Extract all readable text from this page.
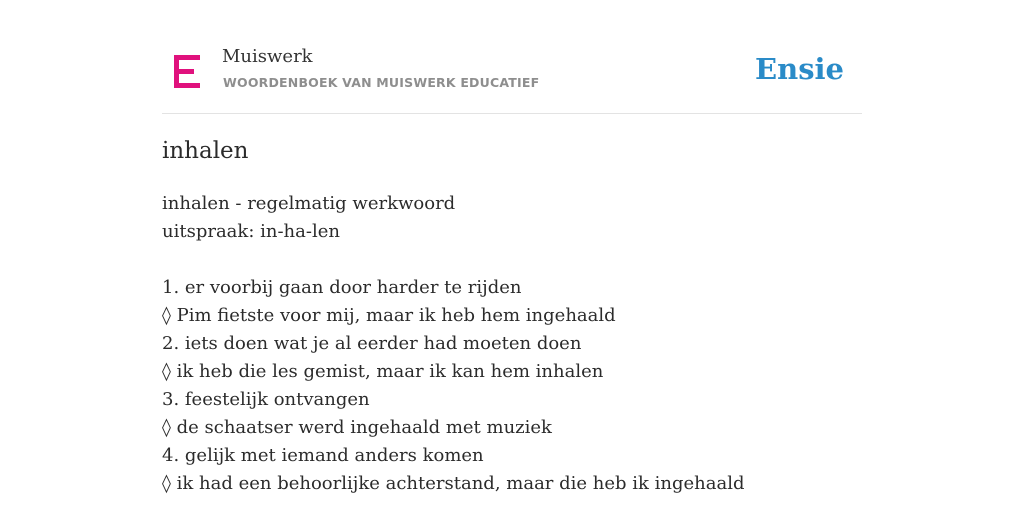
Muiswerk
WOORDENBOEK VAN MUISWERK EDUCATIEF	Ensie
inhalen
inhalen - regelmatig werkwoord
uitspraak: in-ha-len
1. er voorbij gaan door harder te rijden
◊ Pim fietste voor mij, maar ik heb hem ingehaald
2. iets doen wat je al eerder had moeten doen
◊ ik heb die les gemist, maar ik kan hem inhalen
3. feestelijk ontvangen
◊ de schaatser werd ingehaald met muziek
4. gelijk met iemand anders komen
◊ ik had een behoorlijke achterstand, maar die heb ik ingehaald
